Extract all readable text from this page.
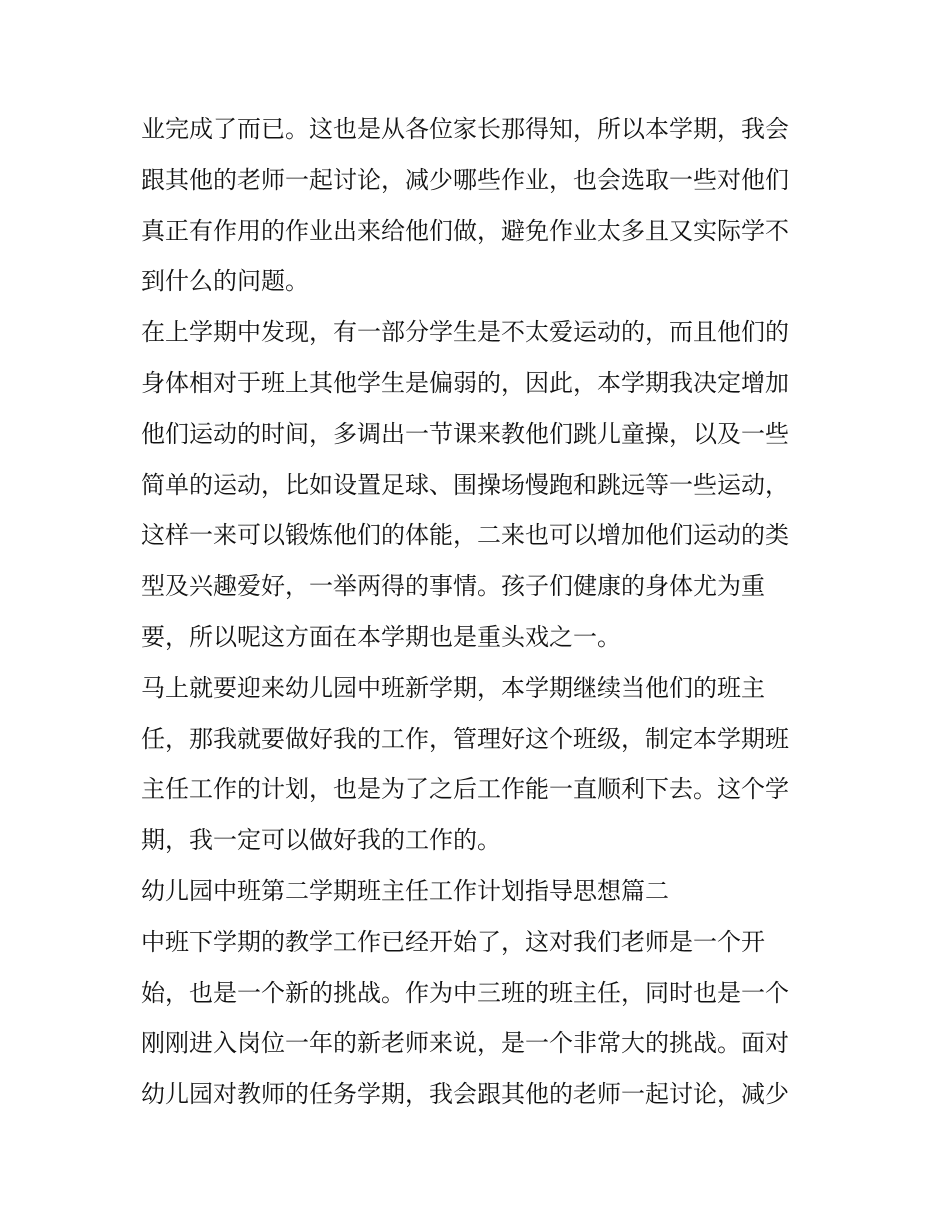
业完成了而已。这也是从各位家长那得知，所以本学期，我会
跟其他的老师一起讨论，减少哪些作业，也会选取一些对他们
真正有作用的作业出来给他们做，避免作业太多且又实际学不
到什么的问题。
在上学期中发现，有一部分学生是不太爱运动的，而且他们的
身体相对于班上其他学生是偏弱的，因此，本学期我决定增加
他们运动的时间，多调出一节课来教他们跳儿童操，以及一些
简单的运动，比如设置足球、围操场慢跑和跳远等一些运动，
这样一来可以锻炼他们的体能，二来也可以增加他们运动的类
型及兴趣爱好，一举两得的事情。孩子们健康的身体尤为重
要，所以呢这方面在本学期也是重头戏之一。
马上就要迎来幼儿园中班新学期，本学期继续当他们的班主
任，那我就要做好我的工作，管理好这个班级，制定本学期班
主任工作的计划，也是为了之后工作能一直顺利下去。这个学
期，我一定可以做好我的工作的。
幼儿园中班第二学期班主任工作计划指导思想篇二
中班下学期的教学工作已经开始了，这对我们老师是一个开
始，也是一个新的挑战。作为中三班的班主任，同时也是一个
刚刚进入岗位一年的新老师来说，是一个非常大的挑战。面对
幼儿园对教师的任务学期，我会跟其他的老师一起讨论，减少
